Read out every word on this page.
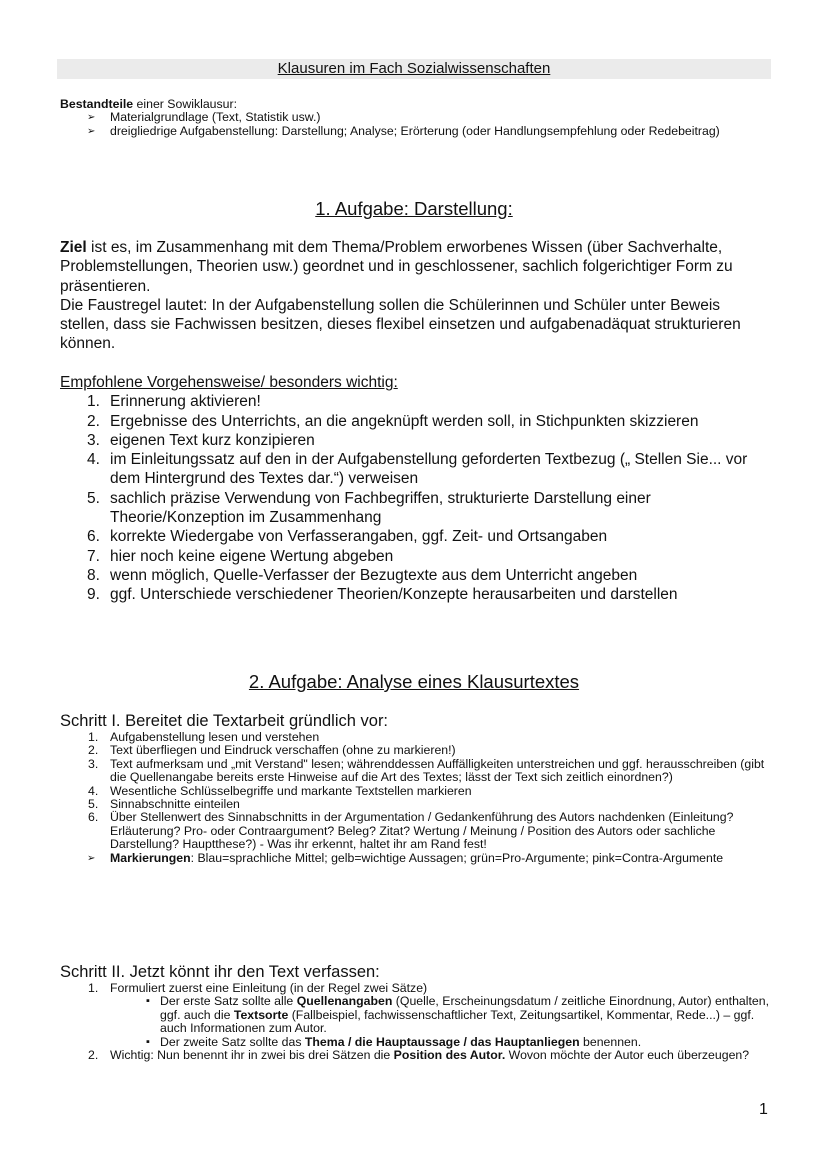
Klausuren im Fach Sozialwissenschaften
Bestandteile einer Sowiklausur:
➢ Materialgrundlage (Text, Statistik usw.)
➢ dreigliedrige Aufgabenstellung: Darstellung; Analyse; Erörterung (oder Handlungsempfehlung oder Redebeitrag)
1. Aufgabe: Darstellung:
Ziel ist es, im Zusammenhang mit dem Thema/Problem erworbenes Wissen (über Sachverhalte, Problemstellungen, Theorien usw.) geordnet und in geschlossener, sachlich folgerichtiger Form zu präsentieren.
Die Faustregel lautet: In der Aufgabenstellung sollen die Schülerinnen und Schüler unter Beweis stellen, dass sie Fachwissen besitzen, dieses flexibel einsetzen und aufgabenadäquat strukturieren können.
Empfohlene Vorgehensweise/ besonders wichtig:
1. Erinnerung aktivieren!
2. Ergebnisse des Unterrichts, an die angeknüpft werden soll, in Stichpunkten skizzieren
3. eigenen Text kurz konzipieren
4. im Einleitungssatz auf den in der Aufgabenstellung geforderten Textbezug („ Stellen Sie... vor dem Hintergrund des Textes dar.“) verweisen
5. sachlich präzise Verwendung von Fachbegriffen, strukturierte Darstellung einer Theorie/Konzeption im Zusammenhang
6. korrekte Wiedergabe von Verfasserangaben, ggf. Zeit- und Ortsangaben
7. hier noch keine eigene Wertung abgeben
8. wenn möglich, Quelle-Verfasser der Bezugtexte aus dem Unterricht angeben
9. ggf. Unterschiede verschiedener Theorien/Konzepte herausarbeiten und darstellen
2. Aufgabe: Analyse eines Klausurtextes
Schritt I. Bereitet die Textarbeit gründlich vor:
1. Aufgabenstellung lesen und verstehen
2. Text überfliegen und Eindruck verschaffen (ohne zu markieren!)
3. Text aufmerksam und „mit Verstand" lesen; währenddessen Auffälligkeiten unterstreichen und ggf. herausschreiben (gibt die Quellenangabe bereits erste Hinweise auf die Art des Textes; lässt der Text sich zeitlich einordnen?)
4. Wesentliche Schlüsselbegriffe und markante Textstellen markieren
5. Sinnabschnitte einteilen
6. Über Stellenwert des Sinnabschnitts in der Argumentation / Gedankenführung des Autors nachdenken (Einleitung? Erläuterung? Pro- oder Contraargument? Beleg? Zitat? Wertung / Meinung / Position des Autors oder sachliche Darstellung? Hauptthese?) - Was ihr erkennt, haltet ihr am Rand fest!
➢ Markierungen: Blau=sprachliche Mittel; gelb=wichtige Aussagen; grün=Pro-Argumente; pink=Contra-Argumente
Schritt II. Jetzt könnt ihr den Text verfassen:
1. Formuliert zuerst eine Einleitung (in der Regel zwei Sätze)
▪ Der erste Satz sollte alle Quellenangaben (Quelle, Erscheinungsdatum / zeitliche Einordnung, Autor) enthalten, ggf. auch die Textsorte (Fallbeispiel, fachwissenschaftlicher Text, Zeitungsartikel, Kommentar, Rede...) – ggf. auch Informationen zum Autor.
▪ Der zweite Satz sollte das Thema / die Hauptaussage / das Hauptanliegen benennen.
2. Wichtig: Nun benennt ihr in zwei bis drei Sätzen die Position des Autor. Wovon möchte der Autor euch überzeugen?
1
